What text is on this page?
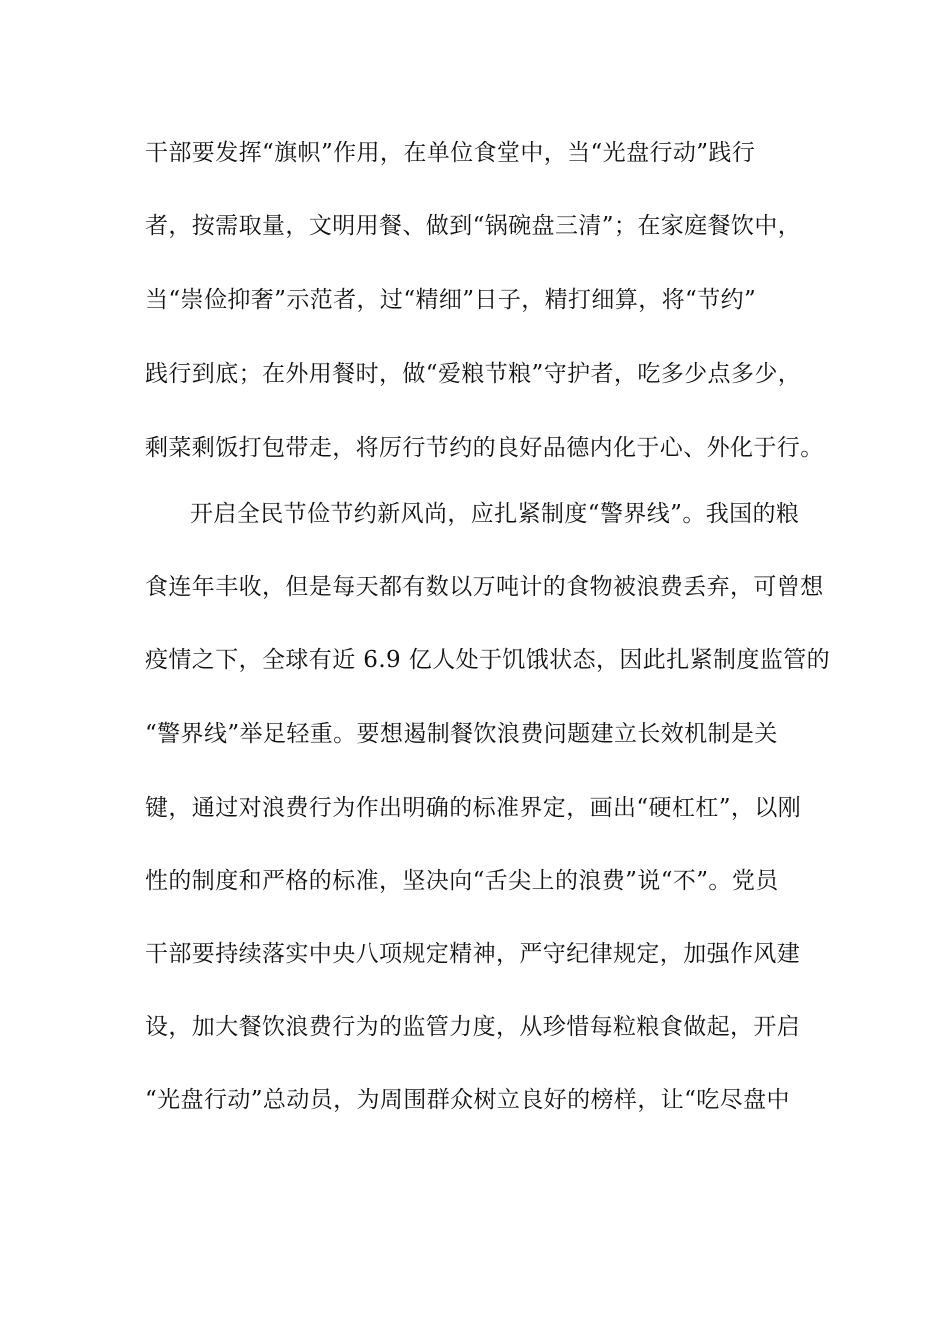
干部要发挥“旗帜”作用，在单位食堂中，当“光盘行动”践行
者，按需取量，文明用餐、做到“锅碗盘三清”；在家庭餐饮中，
当“崇俭抑奢”示范者，过“精细”日子，精打细算，将“节约”
践行到底；在外用餐时，做“爱粮节粮”守护者，吃多少点多少，
剩菜剩饭打包带走，将厉行节约的良好品德内化于心、外化于行。
开启全民节俭节约新风尚，应扎紧制度“警界线”。我国的粮
食连年丰收，但是每天都有数以万吨计的食物被浪费丢弃，可曾想
疫情之下，全球有近 6.9 亿人处于饥饿状态，因此扎紧制度监管的
“警界线”举足轻重。要想遏制餐饮浪费问题建立长效机制是关
键，通过对浪费行为作出明确的标准界定，画出“硬杠杠”，以刚
性的制度和严格的标准，坚决向“舌尖上的浪费”说“不”。党员
干部要持续落实中央八项规定精神，严守纪律规定，加强作风建
设，加大餐饮浪费行为的监管力度，从珍惜每粒粮食做起，开启
“光盘行动”总动员，为周围群众树立良好的榜样，让“吃尽盘中
